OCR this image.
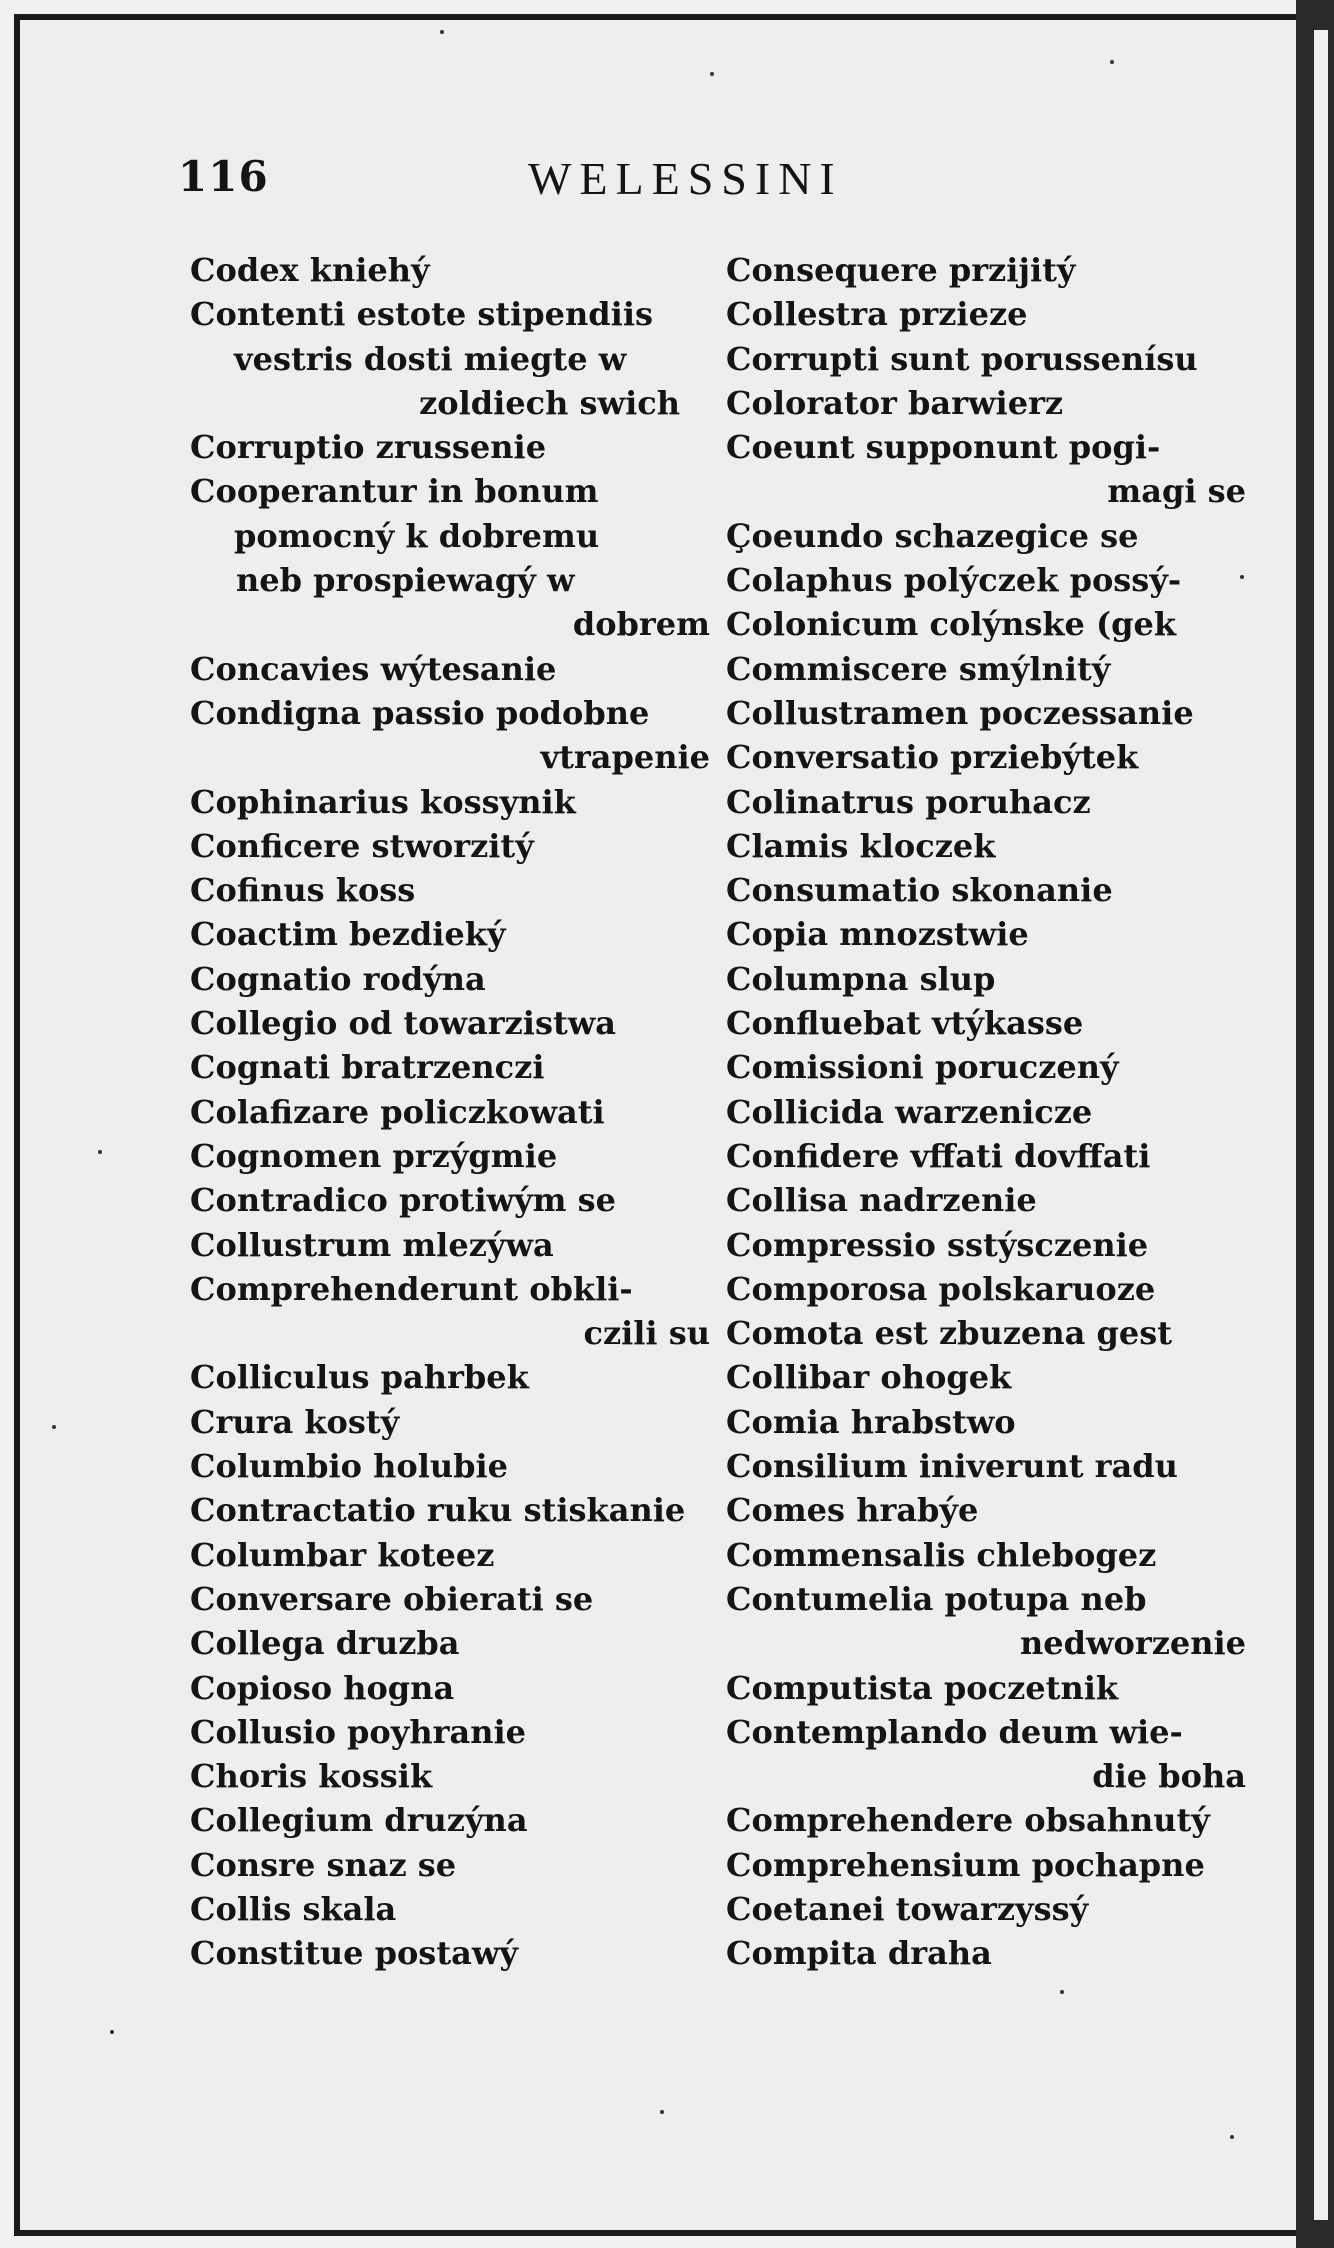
116	WELESSINI
Codex kniehý
Contenti estote stipendiis
vestris dosti miegte w
zoldiech swich
Corruptio zrussenie
Cooperantur in bonum
pomocný k dobremu
neb prospiewagý w
dobrem
Concavies wýtesanie
Condigna passio podobne
vtrapenie
Cophinarius kossynik
Conficere stworzitý
Cofinus koss
Coactim bezdieký
Cognatio rodýna
Collegio od towarzistwa
Cognati bratrzenczi
Colafizare policzkowati
Cognomen przýgmie
Contradico protiwým se
Collustrum mlezýwa
Comprehenderunt obkli-
czili su
Colliculus pahrbek
Crura kostý
Columbio holubie
Contractatio ruku stiskanie
Columbar koteez
Conversare obierati se
Collega druzba
Copioso hogna
Collusio poyhranie
Choris kossik
Collegium druzýna
Consre snaz se
Collis skala
Constitue postawý
Consequere przijitý
Collestra przieze
Corrupti sunt porussenísu
Colorator barwierz
Coeunt supponunt pogi-
magi se
Çoeundo schazegice se
Colaphus polýczek possý-
Colonicum colýnske (gek
Commiscere smýlnitý
Collustramen poczessanie
Conversatio prziebýtek
Colinatrus poruhacz
Clamis kloczek
Consumatio skonanie
Copia mnozstwie
Columpna slup
Confluebat vtýkasse
Comissioni poruczený
Collicida warzenicze
Confidere vffati dovffati
Collisa nadrzenie
Compressio sstýsczenie
Comporosa polskaruoze
Comota est zbuzena gest
Collibar ohogek
Comia hrabstwo
Consilium iniverunt radu
Comes hrabýe
Commensalis chlebogez
Contumelia potupa neb
nedworzenie
Computista poczetnik
Contemplando deum wie-
die boha
Comprehendere obsahnutý
Comprehensium pochapne
Coetanei towarzyssý
Compita draha
